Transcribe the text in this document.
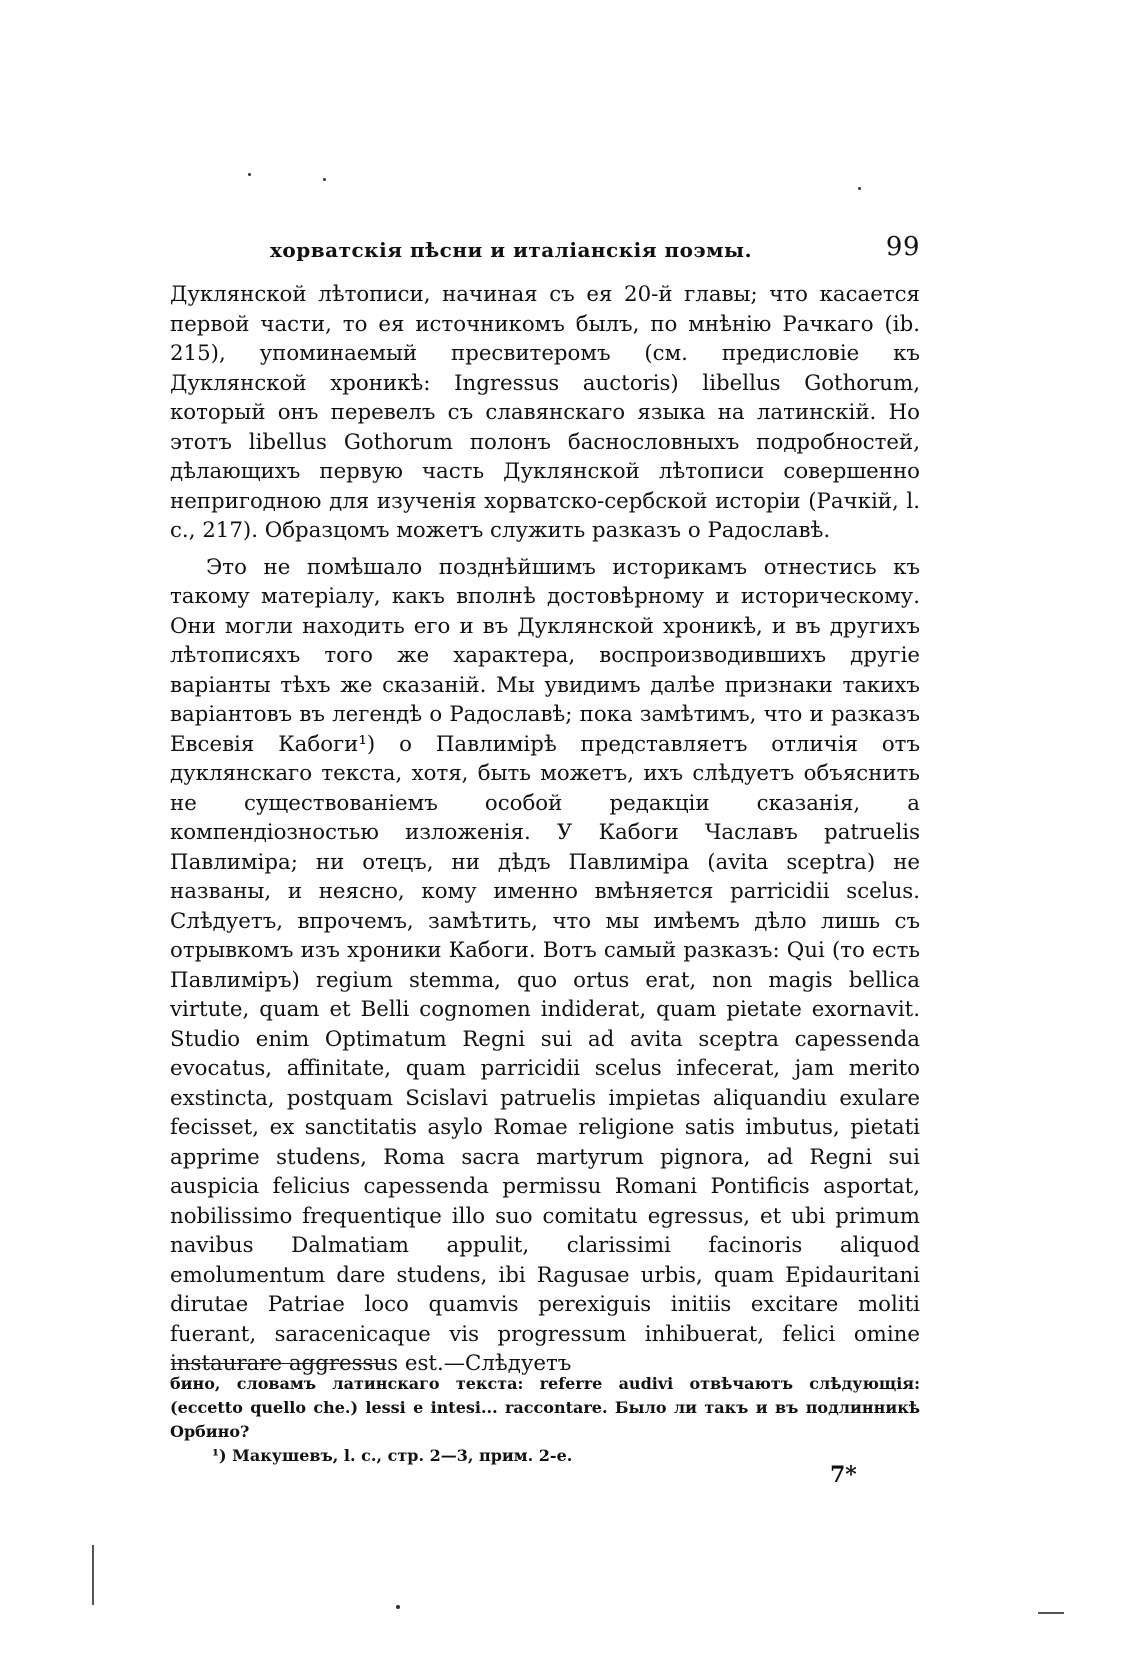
хорватскія пѣсни и италіанскія поэмы.	99

Дуклянской лѣтописи, начиная съ ея 20-й главы; что касается первой части, то ея источникомъ былъ, по мнѣнію Рачкаго (ib. 215), упоминаемый пресвитеромъ (см. предисловіе къ Дуклянской хроникѣ: Ingressus auctoris) libellus Gothorum, который онъ перевелъ съ славянскаго языка на латинскій. Но этотъ libellus Gothorum полонъ баснословныхъ подробностей, дѣлающихъ первую часть Дуклянской лѣтописи совершенно непригодною для изученія хорватско-сербской исторіи (Рачкій, l. c., 217). Образцомъ можетъ служить разказъ о Радославѣ.

Это не помѣшало позднѣйшимъ историкамъ отнестись къ такому матеріалу, какъ вполнѣ достовѣрному и историческому. Они могли находить его и въ Дуклянской хроникѣ, и въ другихъ лѣтописяхъ того же характера, воспроизводившихъ другіе варіанты тѣхъ же сказаній. Мы увидимъ далѣе признаки такихъ варіантовъ въ легендѣ о Радославѣ; пока замѣтимъ, что и разказъ Евсевія Кабоги¹) о Павлимірѣ представляетъ отличія отъ дуклянскаго текста, хотя, быть можетъ, ихъ слѣдуетъ объяснить не существованіемъ особой редакціи сказанія, а компендіозностью изложенія. У Кабоги Чаславъ patruelis Павлиміра; ни отецъ, ни дѣдъ Павлиміра (avita sceptra) не названы, и неясно, кому именно вмѣняется parricidii scelus. Слѣдуетъ, впрочемъ, замѣтить, что мы имѣемъ дѣло лишь съ отрывкомъ изъ хроники Кабоги. Вотъ самый разказъ: Qui (то есть Павлиміръ) regium stemma, quo ortus erat, non magis bellica virtute, quam et Belli cognomen indiderat, quam pietate exornavit. Studio enim Optimatum Regni sui ad avita sceptra capessenda evocatus, affinitate, quam parricidii scelus infecerat, jam merito exstincta, postquam Scislavi patruelis impietas aliquandiu exulare fecisset, ex sanctitatis asylo Romae religione satis imbutus, pietati apprime studens, Roma sacra martyrum pignora, ad Regni sui auspicia felicius capessenda permissu Romani Pontificis asportat, nobilissimo frequentique illo suo comitatu egressus, et ubi primum navibus Dalmatiam appulit, clarissimi facinoris aliquod emolumentum dare studens, ibi Ragusae urbis, quam Epidauritani dirutae Patriae loco quamvis perexiguis initiis excitare moliti fuerant, saracenicaque vis progressum inhibuerat, felici omine instaurare aggressus est.—Слѣдуетъ

бино, словамъ латинскаго текста: referre audivi отвѣчаютъ слѣдующія: (eccetto quello che.) lessi e intesi... raccontare. Было ли такъ и въ подлинникѣ Орбино?

¹) Макушевъ, l. c., стр. 2—3, прим. 2-е.

7*
